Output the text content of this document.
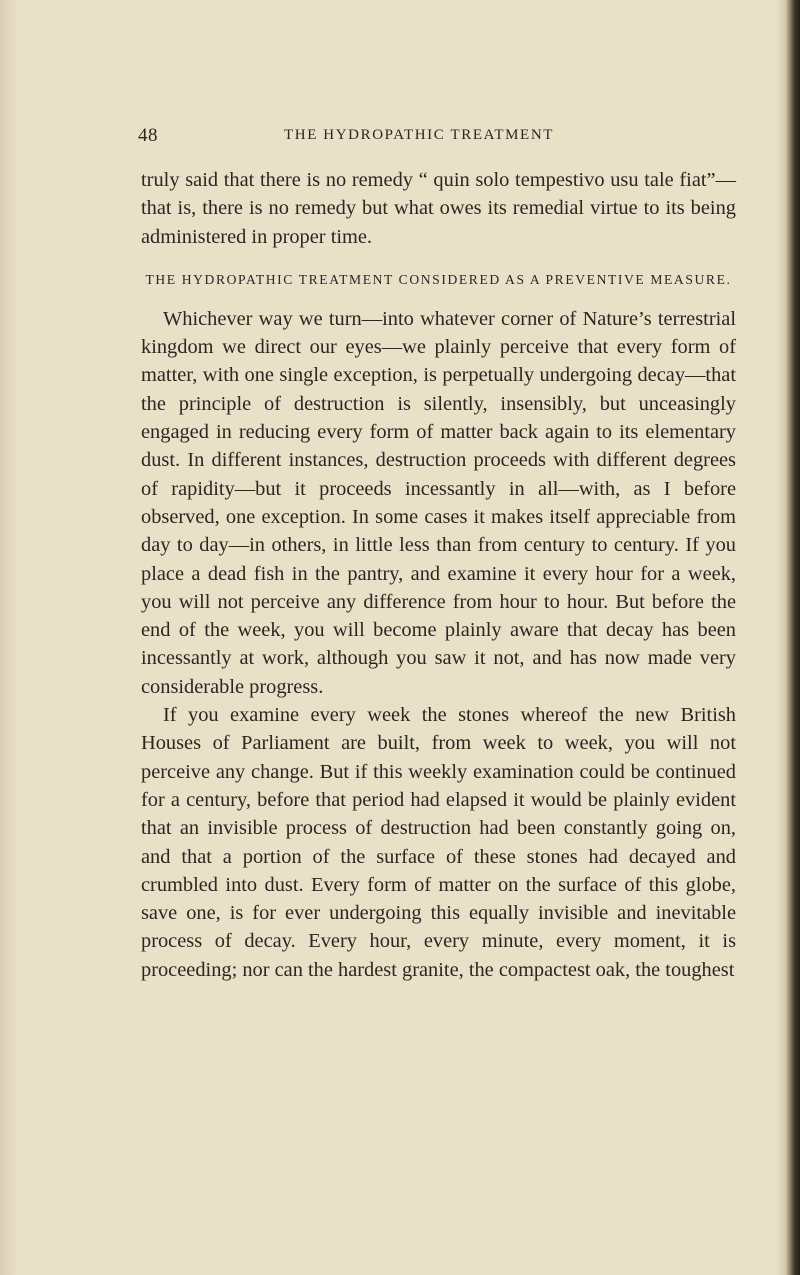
48	THE HYDROPATHIC TREATMENT

truly said that there is no remedy “ quin solo tempestivo usu tale fiat”—that is, there is no remedy but what owes its remedial virtue to its being administered in proper time.

THE HYDROPATHIC TREATMENT CONSIDERED AS A PREVENTIVE MEASURE.

Whichever way we turn—into whatever corner of Nature’s terrestrial kingdom we direct our eyes—we plainly perceive that every form of matter, with one single exception, is perpetually undergoing decay—that the principle of destruction is silently, insensibly, but unceasingly engaged in reducing every form of matter back again to its elementary dust. In different instances, destruction proceeds with different degrees of rapidity—but it proceeds incessantly in all—with, as I before observed, one exception. In some cases it makes itself appreciable from day to day—in others, in little less than from century to century. If you place a dead fish in the pantry, and examine it every hour for a week, you will not perceive any difference from hour to hour. But before the end of the week, you will become plainly aware that decay has been incessantly at work, although you saw it not, and has now made very considerable progress.

If you examine every week the stones whereof the new British Houses of Parliament are built, from week to week, you will not perceive any change. But if this weekly examination could be continued for a century, before that period had elapsed it would be plainly evident that an invisible process of destruction had been constantly going on, and that a portion of the surface of these stones had decayed and crumbled into dust. Every form of matter on the surface of this globe, save one, is for ever undergoing this equally invisible and inevitable process of decay. Every hour, every minute, every moment, it is proceeding; nor can the hardest granite, the compactest oak, the toughest
